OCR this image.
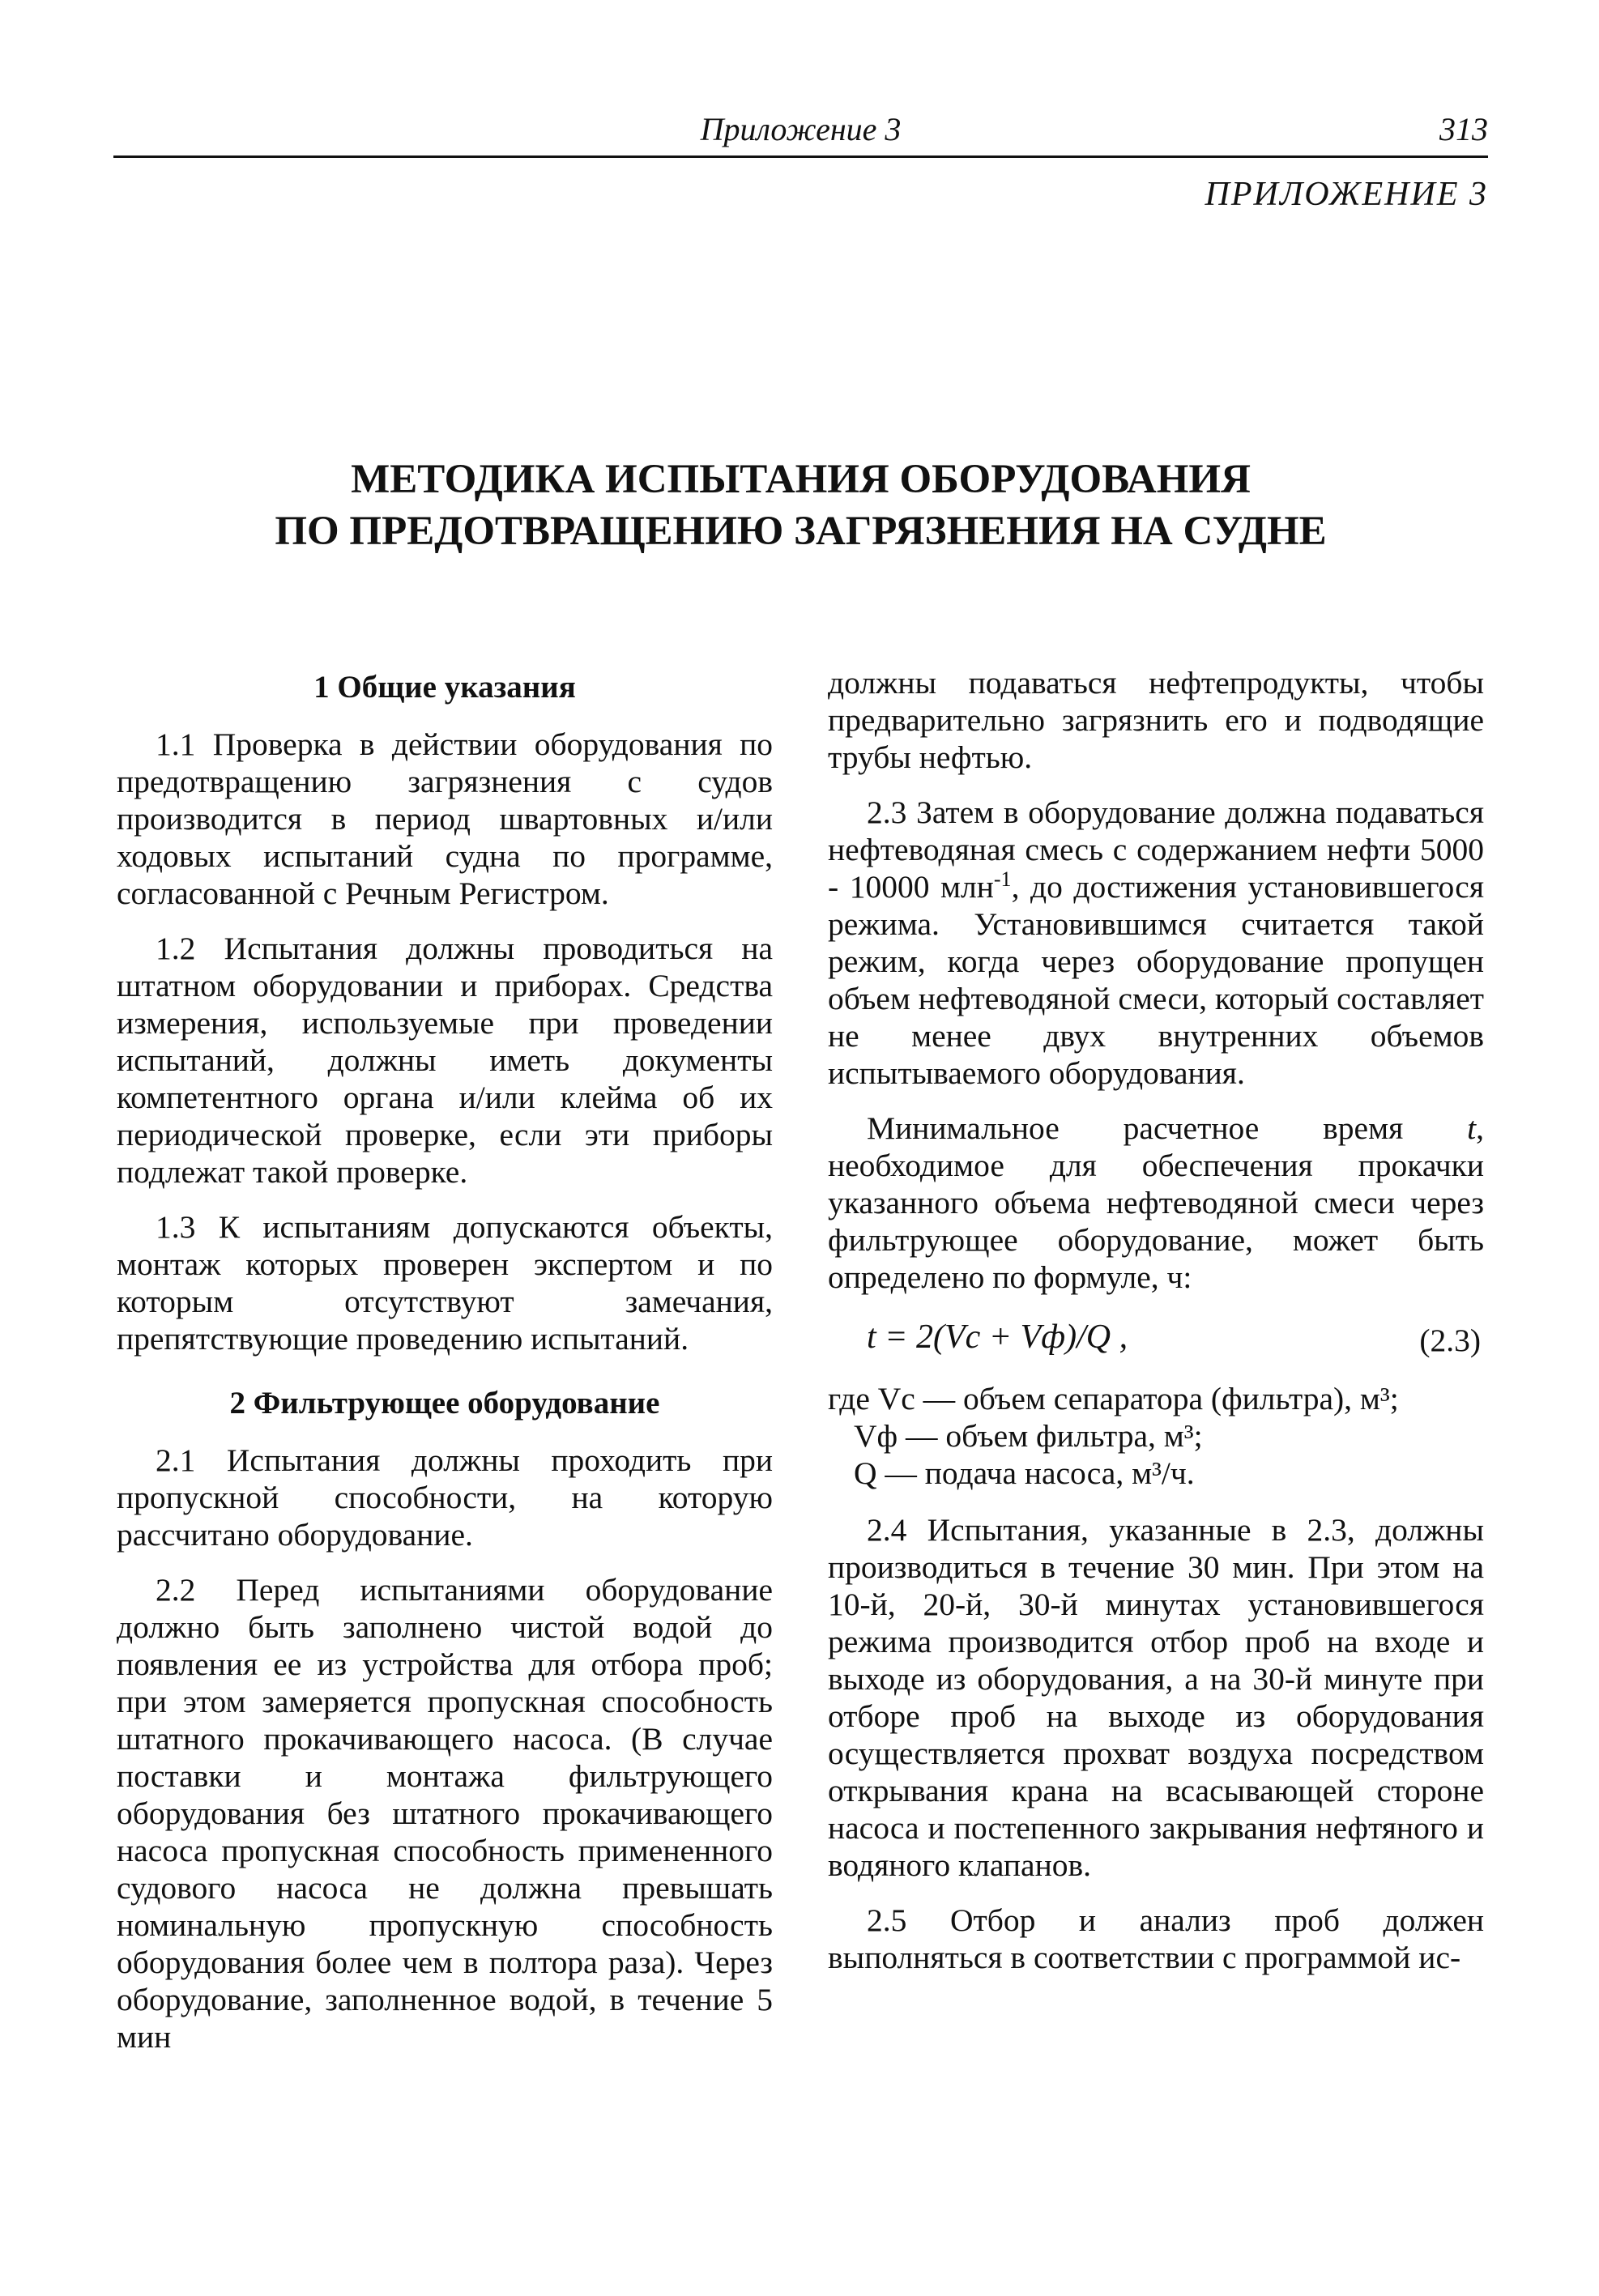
Приложение 3	313
ПРИЛОЖЕНИЕ 3
МЕТОДИКА ИСПЫТАНИЯ ОБОРУДОВАНИЯ
ПО ПРЕДОТВРАЩЕНИЮ ЗАГРЯЗНЕНИЯ НА СУДНЕ
1 Общие указания

1.1 Проверка в действии оборудования по предотвращению загрязнения с судов производится в период швартовных и/или ходовых испытаний судна по программе, согласованной с Речным Регистром.

1.2 Испытания должны проводиться на штатном оборудовании и приборах. Средства измерения, используемые при проведении испытаний, должны иметь документы компетентного органа и/или клейма об их периодической проверке, если эти приборы подлежат такой проверке.

1.3 К испытаниям допускаются объекты, монтаж которых проверен экспертом и по которым отсутствуют замечания, препятствующие проведению испытаний.

2 Фильтрующее оборудование

2.1 Испытания должны проходить при пропускной способности, на которую рассчитано оборудование.

2.2 Перед испытаниями оборудование должно быть заполнено чистой водой до появления ее из устройства для отбора проб; при этом замеряется пропускная способность штатного прокачивающего насоса. (В случае поставки и монтажа фильтрующего оборудования без штатного прокачивающего насоса пропускная способность примененного судового насоса не должна превышать номинальную пропускную способность оборудования более чем в полтора раза). Через оборудование, заполненное водой, в течение 5 мин

должны подаваться нефтепродукты, чтобы предварительно загрязнить его и подводящие трубы нефтью.

2.3 Затем в оборудование должна подаваться нефтеводяная смесь с содержанием нефти 5000 - 10000 млн$^{-1}$, до достижения установившегося режима. Установившимся считается такой режим, когда через оборудование пропущен объем нефтеводяной смеси, который составляет не менее двух внутренних объемов испытываемого оборудования.

Минимальное расчетное время t, необходимое для обеспечения прокачки указанного объема нефтеводяной смеси через фильтрующее оборудование, может быть определено по формуле, ч:

t = 2(Vс + Vф)/Q ,	(2.3)
где Vс — объем сепаратора (фильтра), м³;
Vф — объем фильтра, м³;
Q — подача насоса, м³/ч.

2.4 Испытания, указанные в 2.3, должны производиться в течение 30 мин. При этом на 10-й, 20-й, 30-й минутах установившегося режима производится отбор проб на входе и выходе из оборудования, а на 30-й минуте при отборе проб на выходе из оборудования осуществляется прохват воздуха посредством открывания крана на всасывающей стороне насоса и постепенного закрывания нефтяного и водяного клапанов.

2.5 Отбор и анализ проб должен выполняться в соответствии с программой ис-
